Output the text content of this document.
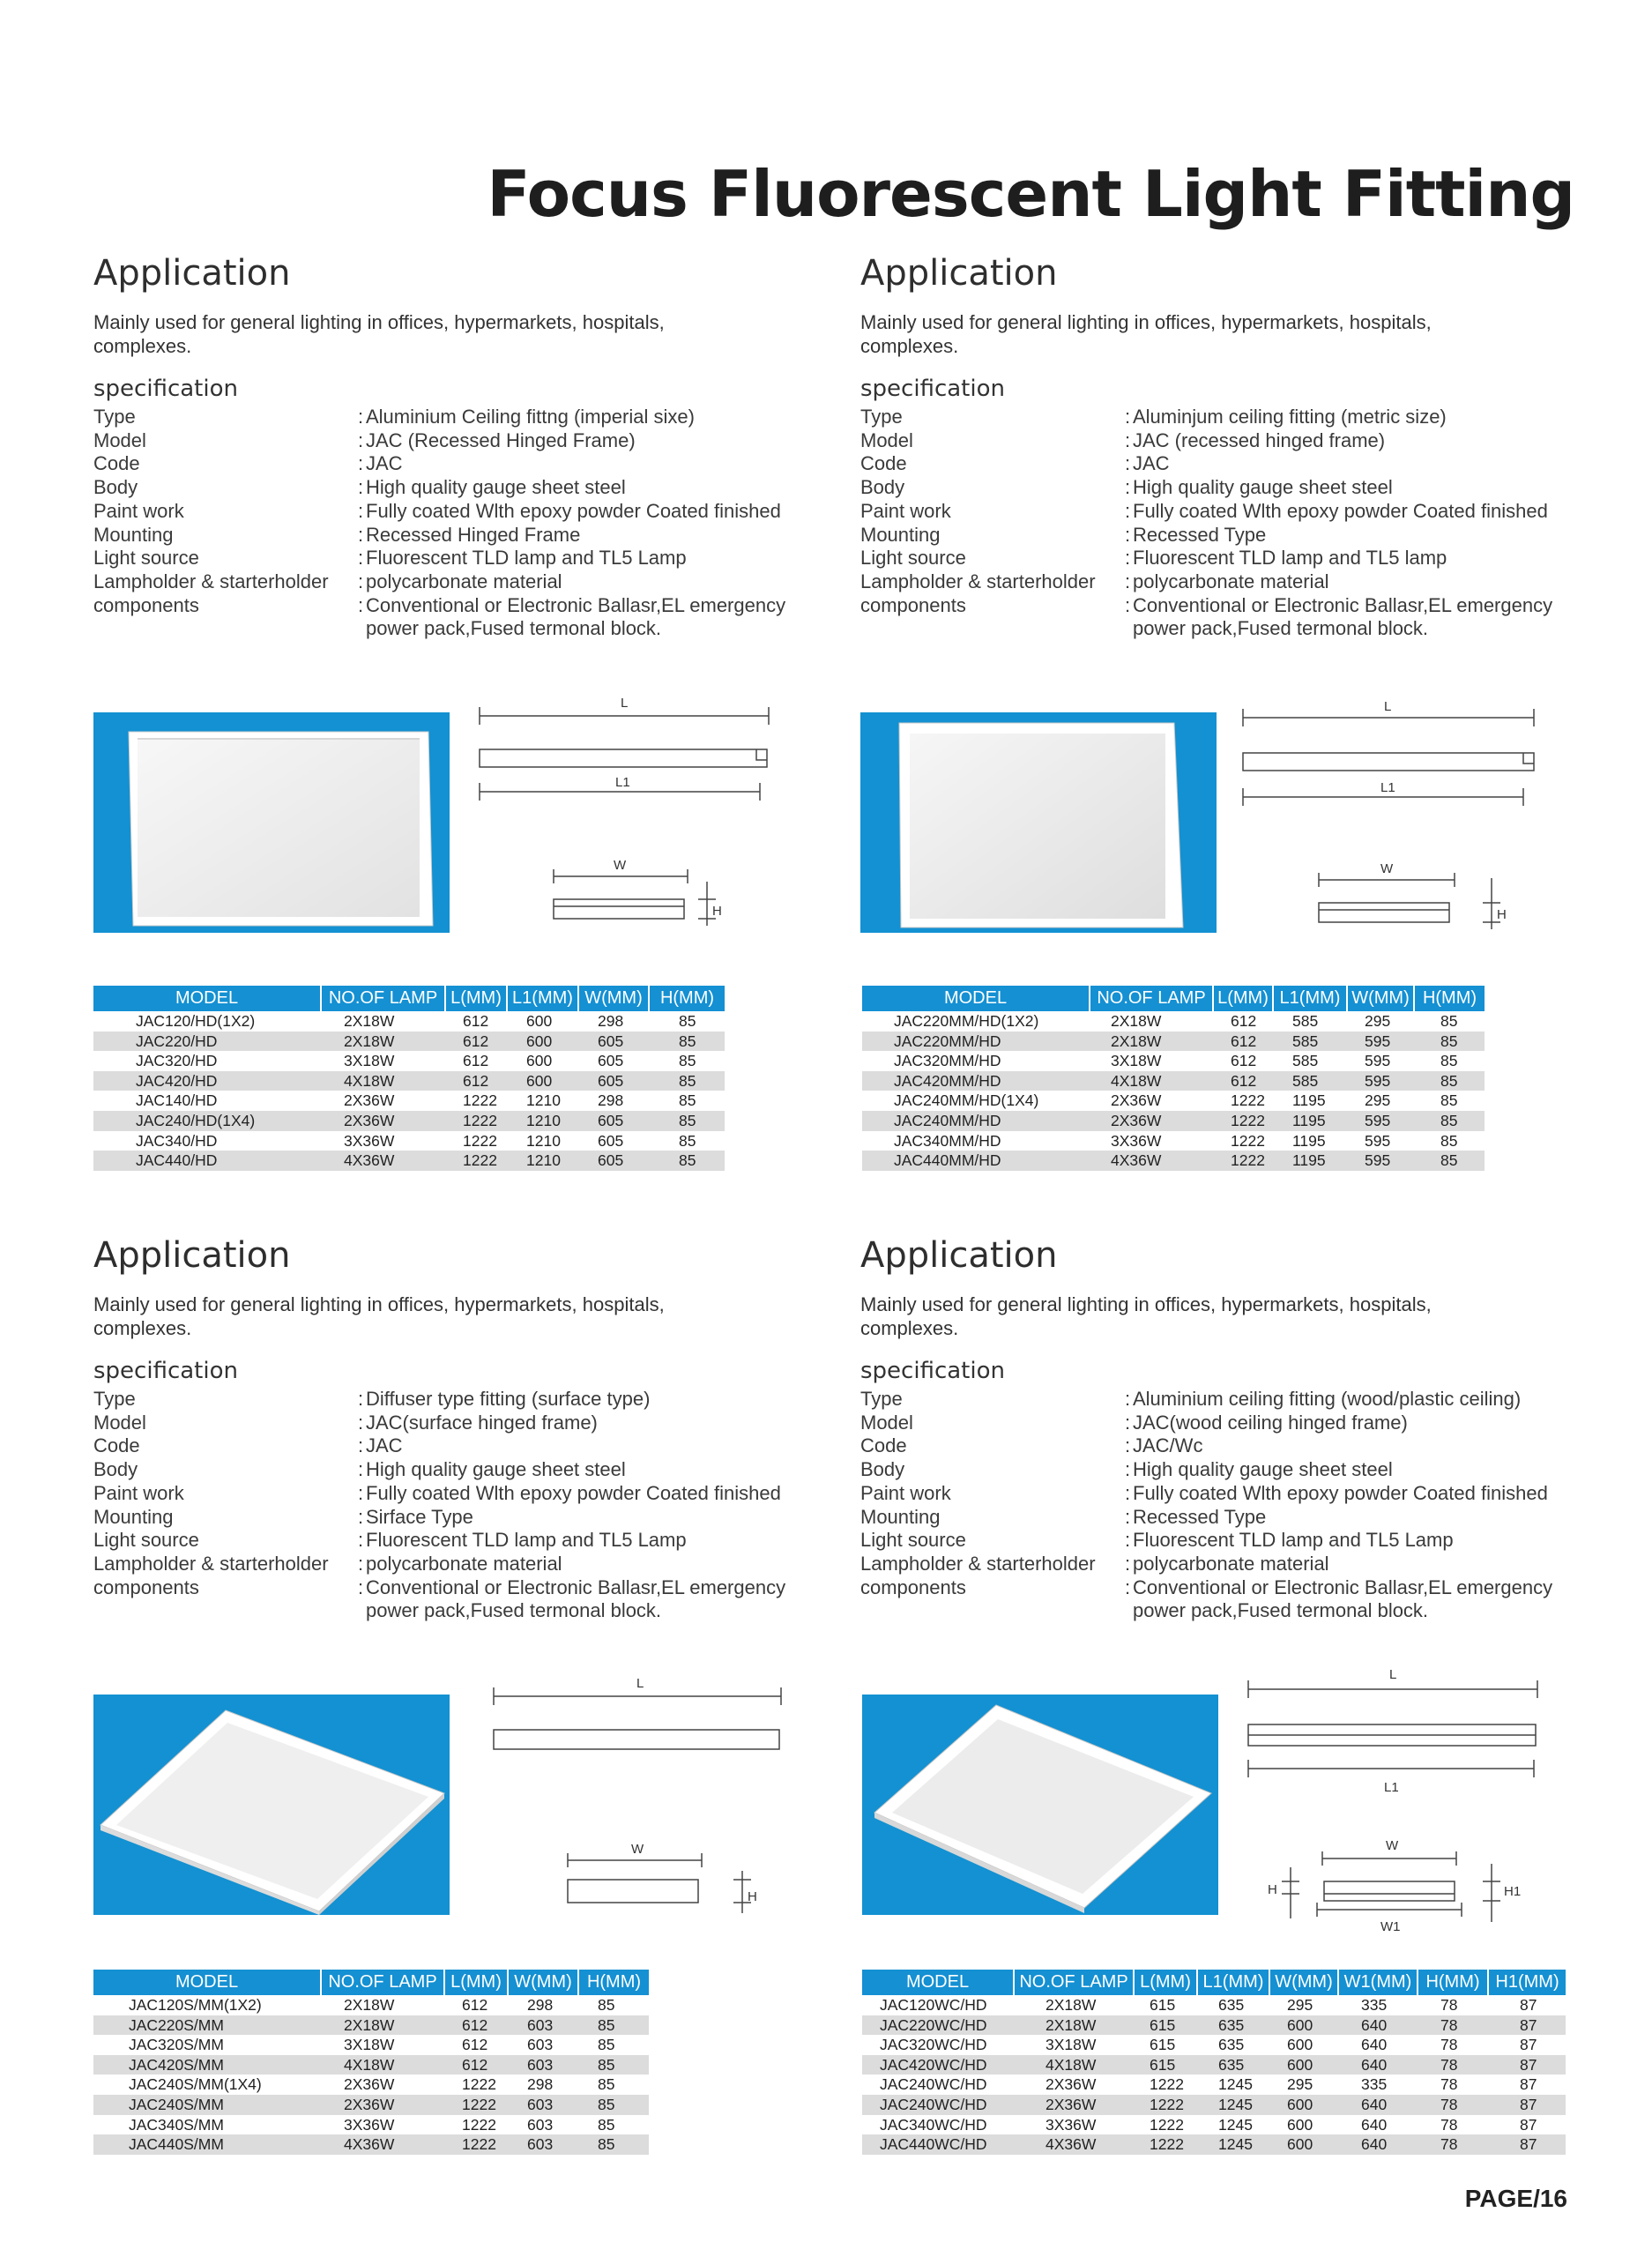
Focus Fluorescent Light Fitting
Application
Mainly used for general lighting in offices, hypermarkets, hospitals, complexes.
specification
Type	: Aluminium Ceiling fittng (imperial sixe)
Model	: JAC (Recessed Hinged Frame)
Code	: JAC
Body	: High quality gauge sheet steel
Paint work	: Fully coated Wlth epoxy powder Coated finished
Mounting	: Recessed Hinged Frame
Light source	: Fluorescent TLD lamp and TL5 Lamp
Lampholder & starterholder	: polycarbonate material
components	: Conventional or Electronic Ballasr,EL emergency power pack,Fused termonal block.
L
L1
W
H
MODEL	NO.OF LAMP	L(MM)	L1(MM)	W(MM)	H(MM)
JAC120/HD(1X2)	2X18W	612	600	298	85
JAC220/HD	2X18W	612	600	605	85
JAC320/HD	3X18W	612	600	605	85
JAC420/HD	4X18W	612	600	605	85
JAC140/HD	2X36W	1222	1210	298	85
JAC240/HD(1X4)	2X36W	1222	1210	605	85
JAC340/HD	3X36W	1222	1210	605	85
JAC440/HD	4X36W	1222	1210	605	85
Application
Mainly used for general lighting in offices, hypermarkets, hospitals, complexes.
specification
Type	: Aluminjum ceiling fitting (metric size)
Model	: JAC (recessed hinged frame)
Code	: JAC
Body	: High quality gauge sheet steel
Paint work	: Fully coated Wlth epoxy powder Coated finished
Mounting	: Recessed Type
Light source	: Fluorescent TLD lamp and TL5 lamp
Lampholder & starterholder	: polycarbonate material
components	: Conventional or Electronic Ballasr,EL emergency power pack,Fused termonal block.
L
L1
W
H
MODEL	NO.OF LAMP	L(MM)	L1(MM)	W(MM)	H(MM)
JAC220MM/HD(1X2)	2X18W	612	585	295	85
JAC220MM/HD	2X18W	612	585	595	85
JAC320MM/HD	3X18W	612	585	595	85
JAC420MM/HD	4X18W	612	585	595	85
JAC240MM/HD(1X4)	2X36W	1222	1195	295	85
JAC240MM/HD	2X36W	1222	1195	595	85
JAC340MM/HD	3X36W	1222	1195	595	85
JAC440MM/HD	4X36W	1222	1195	595	85
Application
Mainly used for general lighting in offices, hypermarkets, hospitals, complexes.
specification
Type	: Diffuser type fitting (surface type)
Model	: JAC(surface hinged frame)
Code	: JAC
Body	: High quality gauge sheet steel
Paint work	: Fully coated Wlth epoxy powder Coated finished
Mounting	: Sirface Type
Light source	: Fluorescent TLD lamp and TL5 Lamp
Lampholder & starterholder	: polycarbonate material
components	: Conventional or Electronic Ballasr,EL emergency power pack,Fused termonal block.
L
W
H
MODEL	NO.OF LAMP	L(MM)	W(MM)	H(MM)
JAC120S/MM(1X2)	2X18W	612	298	85
JAC220S/MM	2X18W	612	603	85
JAC320S/MM	3X18W	612	603	85
JAC420S/MM	4X18W	612	603	85
JAC240S/MM(1X4)	2X36W	1222	298	85
JAC240S/MM	2X36W	1222	603	85
JAC340S/MM	3X36W	1222	603	85
JAC440S/MM	4X36W	1222	603	85
Application
Mainly used for general lighting in offices, hypermarkets, hospitals, complexes.
specification
Type	: Aluminium ceiling fitting (wood/plastic ceiling)
Model	: JAC(wood ceiling hinged frame)
Code	: JAC/Wc
Body	: High quality gauge sheet steel
Paint work	: Fully coated Wlth epoxy powder Coated finished
Mounting	: Recessed Type
Light source	: Fluorescent TLD lamp and TL5 Lamp
Lampholder & starterholder	: polycarbonate material
components	: Conventional or Electronic Ballasr,EL emergency power pack,Fused termonal block.
L
L1
W
W1
H	H1
MODEL	NO.OF LAMP	L(MM)	L1(MM)	W(MM)	W1(MM)	H(MM)	H1(MM)
JAC120WC/HD	2X18W	615	635	295	335	78	87
JAC220WC/HD	2X18W	615	635	600	640	78	87
JAC320WC/HD	3X18W	615	635	600	640	78	87
JAC420WC/HD	4X18W	615	635	600	640	78	87
JAC240WC/HD	2X36W	1222	1245	295	335	78	87
JAC240WC/HD	2X36W	1222	1245	600	640	78	87
JAC340WC/HD	3X36W	1222	1245	600	640	78	87
JAC440WC/HD	4X36W	1222	1245	600	640	78	87
PAGE/16
